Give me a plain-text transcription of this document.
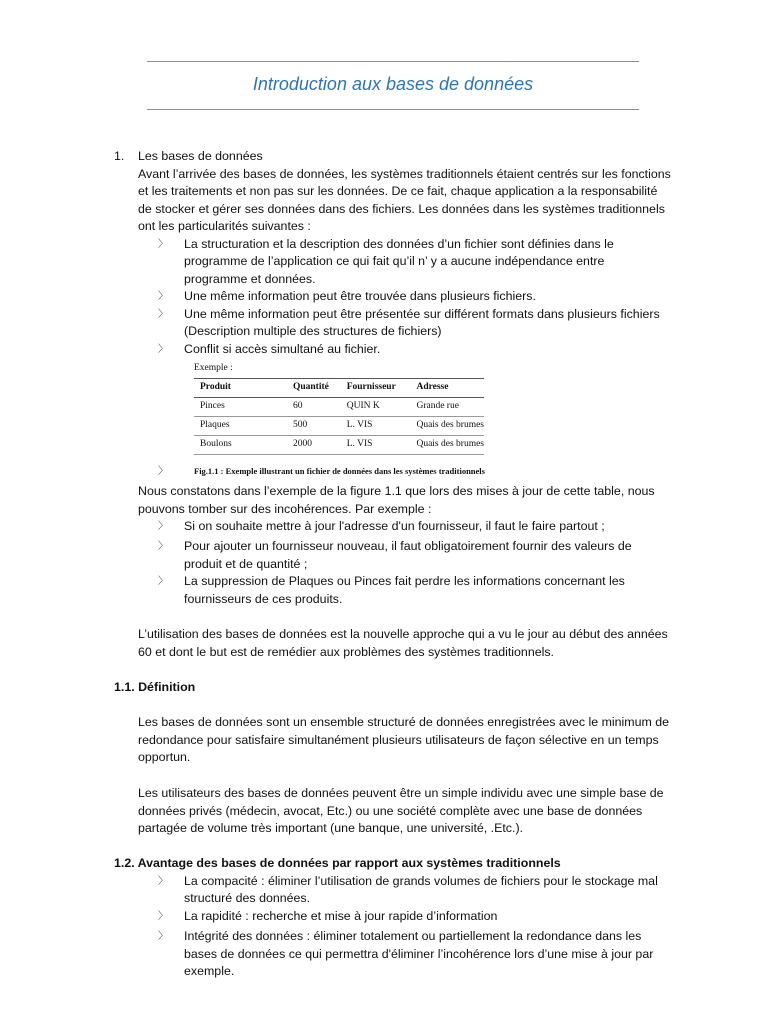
Introduction aux bases de données
1. Les bases de données
Avant l’arrivée des bases de données, les systèmes traditionnels étaient centrés sur les fonctions
et les traitements et non pas sur les données. De ce fait, chaque application a la responsabilité
de stocker et gérer ses données dans des fichiers. Les données dans les systèmes traditionnels
ont les particularités suivantes :
〉 La structuration et la description des données d’un fichier sont définies dans le
programme de l’application ce qui fait qu’il n’ y a aucune indépendance entre
programme et données.
〉 Une même information peut être trouvée dans plusieurs fichiers.
〉 Une même information peut être présentée sur différent formats dans plusieurs fichiers
(Description multiple des structures de fichiers)
〉 Conflit si accès simultané au fichier.
Exemple :
Produit	Quantité	Fournisseur	Adresse
Pinces	60	QUIN K	Grande rue
Plaques	500	L. VIS	Quais des brumes
Boulons	2000	L. VIS	Quais des brumes
〉	Fig.1.1 : Exemple illustrant un fichier de données dans les systèmes traditionnels
Nous constatons dans l’exemple de la figure 1.1 que lors des mises à jour de cette table, nous
pouvons tomber sur des incohérences. Par exemple :
〉 Si on souhaite mettre à jour l'adresse d'un fournisseur, il faut le faire partout ;
〉 Pour ajouter un fournisseur nouveau, il faut obligatoirement fournir des valeurs de
produit et de quantité ;
〉 La suppression de Plaques ou Pinces fait perdre les informations concernant les
fournisseurs de ces produits.
L’utilisation des bases de données est la nouvelle approche qui a vu le jour au début des années
60 et dont le but est de remédier aux problèmes des systèmes traditionnels.
1.1. Définition
Les bases de données sont un ensemble structuré de données enregistrées avec le minimum de
redondance pour satisfaire simultanément plusieurs utilisateurs de façon sélective en un temps
opportun.
Les utilisateurs des bases de données peuvent être un simple individu avec une simple base de
données privés (médecin, avocat, Etc.) ou une société complète avec une base de données
partagée de volume très important (une banque, une université, .Etc.).
1.2. Avantage des bases de données par rapport aux systèmes traditionnels
〉 La compacité : éliminer l’utilisation de grands volumes de fichiers pour le stockage mal
structuré des données.
〉 La rapidité : recherche et mise à jour rapide d’information
〉 Intégrité des données : éliminer totalement ou partiellement la redondance dans les
bases de données ce qui permettra d'éliminer l’incohérence lors d’une mise à jour par
exemple.
